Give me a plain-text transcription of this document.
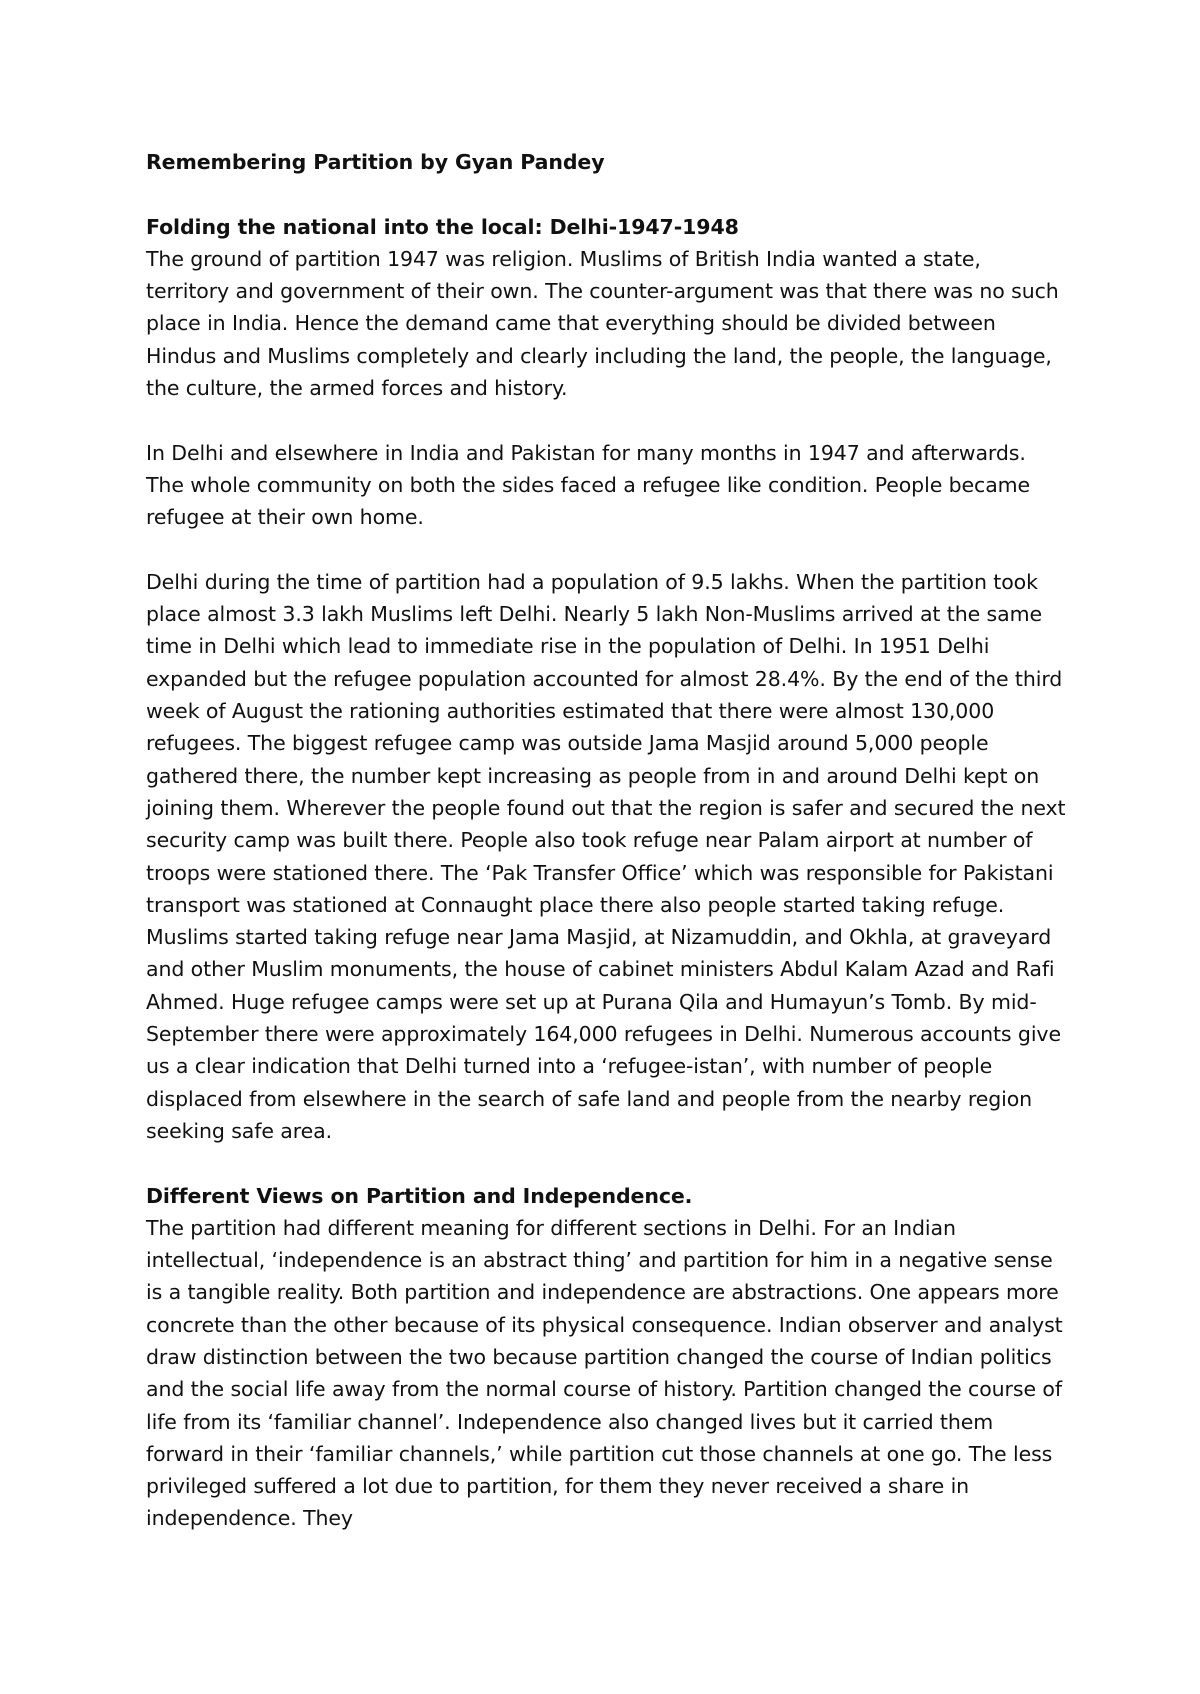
Remembering Partition by Gyan Pandey

Folding the national into the local: Delhi-1947-1948

The ground of partition 1947 was religion. Muslims of British India wanted a state, territory and government of their own. The counter-argument was that there was no such place in India. Hence the demand came that everything should be divided between Hindus and Muslims completely and clearly including the land, the people, the language, the culture, the armed forces and history.

In Delhi and elsewhere in India and Pakistan for many months in 1947 and afterwards. The whole community on both the sides faced a refugee like condition. People became refugee at their own home.

Delhi during the time of partition had a population of 9.5 lakhs. When the partition took place almost 3.3 lakh Muslims left Delhi. Nearly 5 lakh Non-Muslims arrived at the same time in Delhi which lead to immediate rise in the population of Delhi. In 1951 Delhi expanded but the refugee population accounted for almost 28.4%. By the end of the third week of August the rationing authorities estimated that there were almost 130,000 refugees. The biggest refugee camp was outside Jama Masjid around 5,000 people gathered there, the number kept increasing as people from in and around Delhi kept on joining them. Wherever the people found out that the region is safer and secured the next security camp was built there. People also took refuge near Palam airport at number of troops were stationed there. The ‘Pak Transfer Office’ which was responsible for Pakistani transport was stationed at Connaught place there also people started taking refuge.

Muslims started taking refuge near Jama Masjid, at Nizamuddin, and Okhla, at graveyard and other Muslim monuments, the house of cabinet ministers Abdul Kalam Azad and Rafi Ahmed. Huge refugee camps were set up at Purana Qila and Humayun’s Tomb. By mid-September there were approximately 164,000 refugees in Delhi. Numerous accounts give us a clear indication that Delhi turned into a ‘refugee-istan’, with number of people displaced from elsewhere in the search of safe land and people from the nearby region seeking safe area.

Different Views on Partition and Independence.

The partition had different meaning for different sections in Delhi. For an Indian intellectual, ‘independence is an abstract thing’ and partition for him in a negative sense is a tangible reality. Both partition and independence are abstractions. One appears more concrete than the other because of its physical consequence. Indian observer and analyst draw distinction between the two because partition changed the course of Indian politics and the social life away from the normal course of history. Partition changed the course of life from its ‘familiar channel’. Independence also changed lives but it carried them forward in their ‘familiar channels,’ while partition cut those channels at one go. The less privileged suffered a lot due to partition, for them they never received a share in independence. They
